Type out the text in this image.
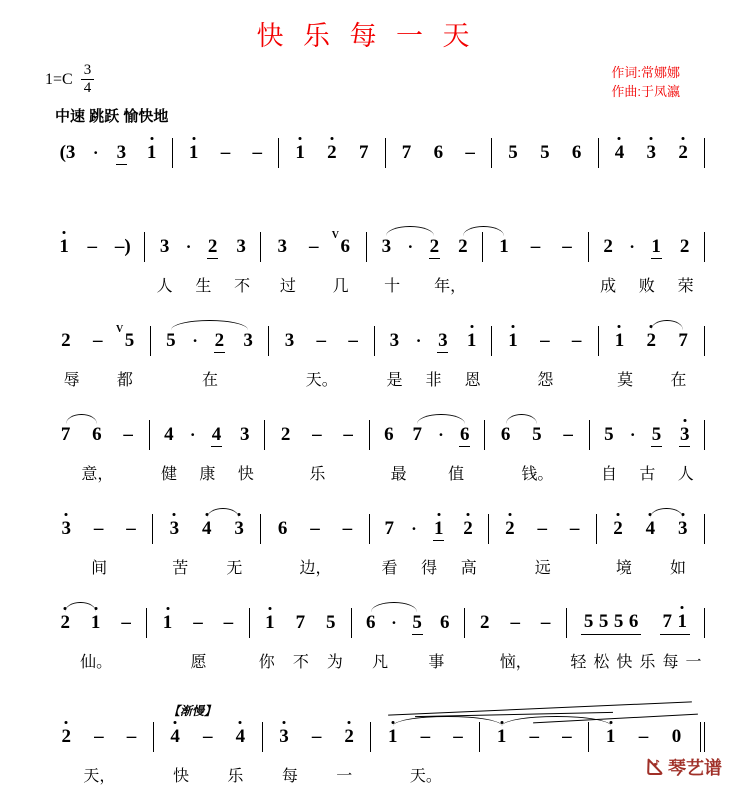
快 乐 每 一 天
$1=C \frac{3}{4}$	作词:常娜娜
作曲:于凤瀛
中速 跳跃 愉快地
(3 · 3 1 1 – – 1 2 7 7 6 – 5 5 6 4 3 2
1 – –) 3 · 2 3
人 生 不
3 – 6
V
过 几
3 · 2 2
十 年，
1 – – 2 · 1 2
成 败 荣
2 – 5
V
辱 都
5 · 2 3
在
3 – –
天。
3 · 3 1
是 非 恩
1 – –
怨
1 2 7
莫 在
7 6 –
意，
4 · 4 3
健 康 快
2 – –
乐
6 7 · 6
最	值
6 5 –
钱。
5 · 5 3
自 古 人
3 – –
间
3 4 3
苦 无
6 – –
边，
7 · 1 2
看 得 高
2 – –
远
2 4 3
境 如
2 1 –
仙。
1 – –
愿
1 7 5
你 不 为
6 · 5 6
凡	事
2 – –
恼，
5 5 5 6 7 1
轻 松 快 乐 每 一
2 – –
天，
4 – 4
快 乐
3 – 2
每 一
1 – –
天。
1 – – 1 – 0
【渐慢】
琴艺谱
